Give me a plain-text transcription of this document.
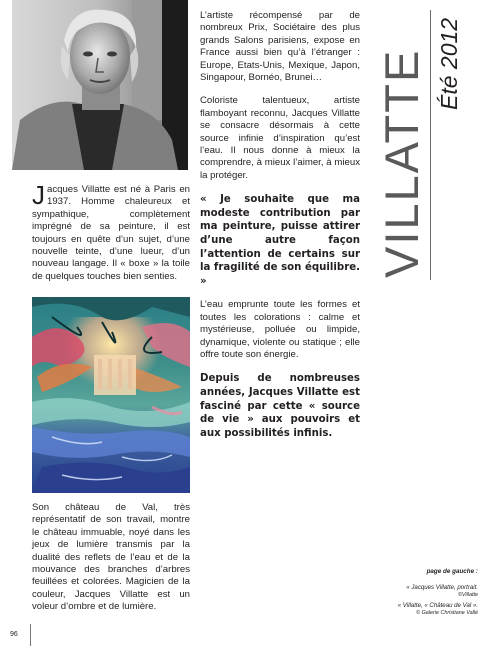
Jacques Villatte est né à Paris en 1937. Homme chaleureux et sympathique, complètement imprégné de sa peinture, il est toujours en quête d’un sujet, d’une nouvelle teinte, d’une lueur, d’un nouveau langage. Il « boxe » la toile de quelques touches bien senties.
Son château de Val, très représentatif de son travail, montre le château immuable, noyé dans les jeux de lumière transmis par la dualité des reflets de l’eau et de la mouvance des branches d’arbres feuillées et colorées. Magicien de la couleur, Jacques Villatte est un voleur d’ombre et de lumière.

L’artiste récompensé par de nombreux Prix, Sociétaire des plus grands Salons parisiens, expose en France aussi bien qu’à l’étranger : Europe, Etats-Unis, Mexique, Japon, Singapour, Bornéo, Brunei…

Coloriste talentueux, artiste flamboyant reconnu, Jacques Villatte se consacre désormais à cette source infinie d’inspiration qu’est l’eau. Il nous donne à mieux la comprendre, à mieux l’aimer, à mieux la protéger.

« Je souhaite que ma modeste contribution par ma peinture, puisse attirer d’une autre façon l’attention de certains sur la fragilité de son équilibre. »

L’eau emprunte toute les formes et toutes les colorations : calme et mystérieuse, polluée ou limpide, dynamique, violente ou statique ; elle offre toute son énergie.

Depuis de nombreuses années, Jacques Villatte est fasciné par cette « source de vie » aux pouvoirs et aux possibilités infinis.

VILLATTE Été 2012
page de gauche :
« Jacques Villatte, portrait.
©Villatte
« Villatte, « Château de Val ».
© Galerie Christiane Vallé
96
